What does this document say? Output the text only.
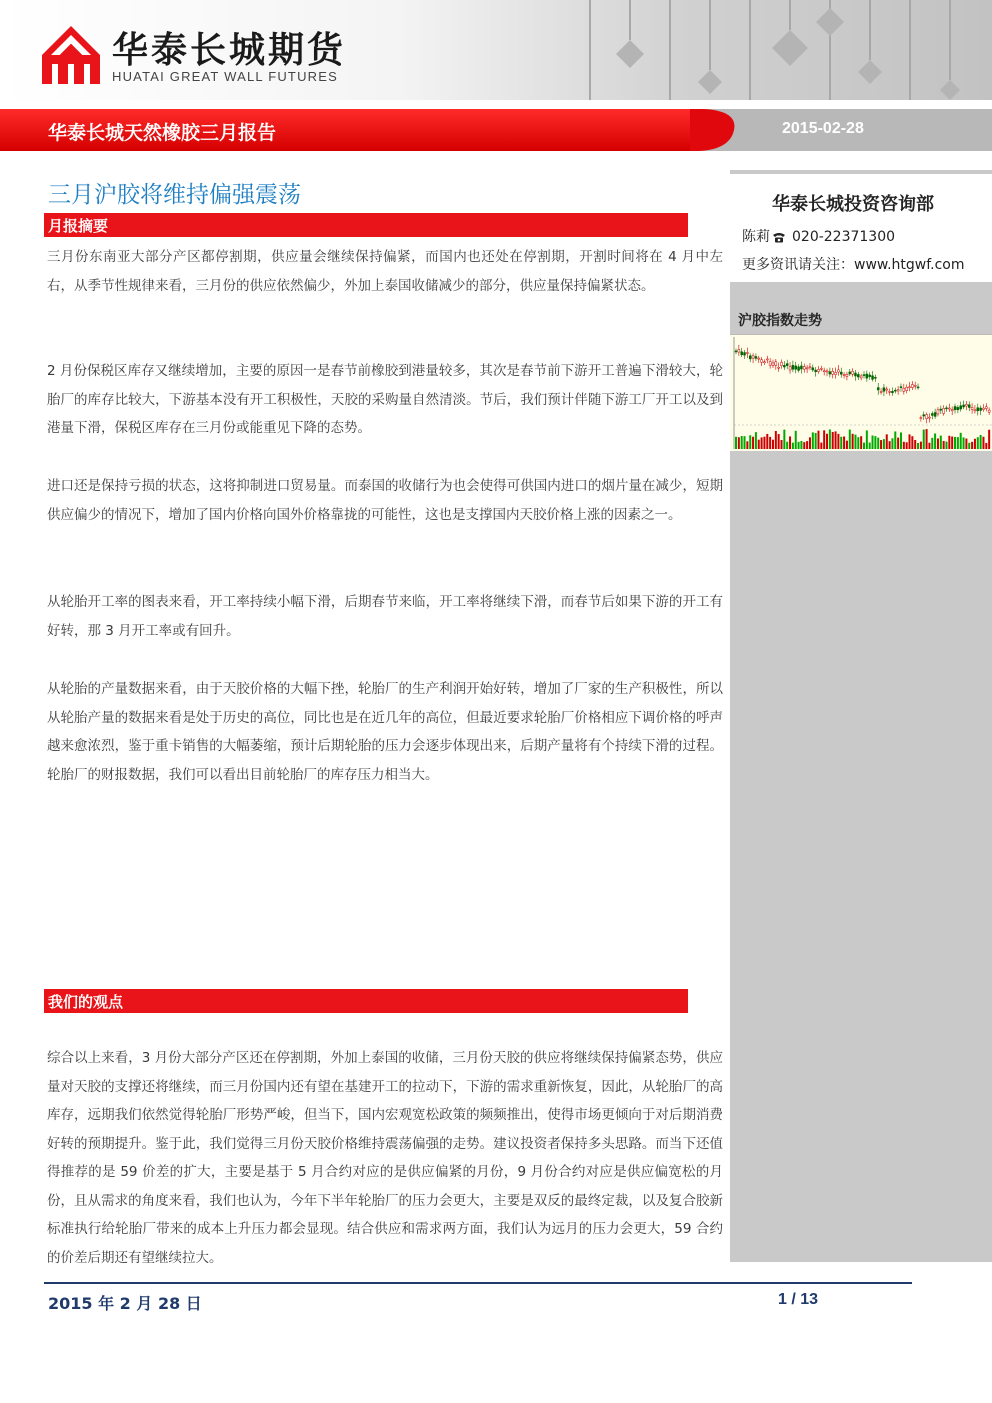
华泰长城期货
HUATAI GREAT WALL FUTURES
华泰长城天然橡胶三月报告	2015-02-28
华泰长城投资咨询部
陈莉 020-22371300
更多资讯请关注：www.htgwf.com
沪胶指数走势
三月沪胶将维持偏强震荡
月报摘要

三月份东南亚大部分产区都停割期，供应量会继续保持偏紧，而国内也还处在停割期，开割时间将在 4 月中左右，从季节性规律来看，三月份的供应依然偏少，外加上泰国收储减少的部分，供应量保持偏紧状态。

2 月份保税区库存又继续增加，主要的原因一是春节前橡胶到港量较多，其次是春节前下游开工普遍下滑较大，轮胎厂的库存比较大，下游基本没有开工积极性，天胶的采购量自然清淡。节后，我们预计伴随下游工厂开工以及到港量下滑，保税区库存在三月份或能重见下降的态势。

进口还是保持亏损的状态，这将抑制进口贸易量。而泰国的收储行为也会使得可供国内进口的烟片量在减少，短期供应偏少的情况下，增加了国内价格向国外价格靠拢的可能性，这也是支撑国内天胶价格上涨的因素之一。

从轮胎开工率的图表来看，开工率持续小幅下滑，后期春节来临，开工率将继续下滑，而春节后如果下游的开工有好转，那 3 月开工率或有回升。

从轮胎的产量数据来看，由于天胶价格的大幅下挫，轮胎厂的生产利润开始好转，增加了厂家的生产积极性，所以从轮胎产量的数据来看是处于历史的高位，同比也是在近几年的高位，但最近要求轮胎厂价格相应下调价格的呼声越来愈浓烈，鉴于重卡销售的大幅萎缩，预计后期轮胎的压力会逐步体现出来，后期产量将有个持续下滑的过程。轮胎厂的财报数据，我们可以看出目前轮胎厂的库存压力相当大。

我们的观点

综合以上来看，3 月份大部分产区还在停割期，外加上泰国的收储，三月份天胶的供应将继续保持偏紧态势，供应量对天胶的支撑还将继续，而三月份国内还有望在基建开工的拉动下，下游的需求重新恢复，因此，从轮胎厂的高库存，远期我们依然觉得轮胎厂形势严峻，但当下，国内宏观宽松政策的频频推出，使得市场更倾向于对后期消费好转的预期提升。鉴于此，我们觉得三月份天胶价格维持震荡偏强的走势。建议投资者保持多头思路。而当下还值得推荐的是 59 价差的扩大，主要是基于 5 月合约对应的是供应偏紧的月份，9 月份合约对应是供应偏宽松的月份，且从需求的角度来看，我们也认为，今年下半年轮胎厂的压力会更大，主要是双反的最终定裁，以及复合胶新标准执行给轮胎厂带来的成本上升压力都会显现。结合供应和需求两方面，我们认为远月的压力会更大，59 合约的价差后期还有望继续拉大。

2015 年 2 月 28 日	1 / 13
